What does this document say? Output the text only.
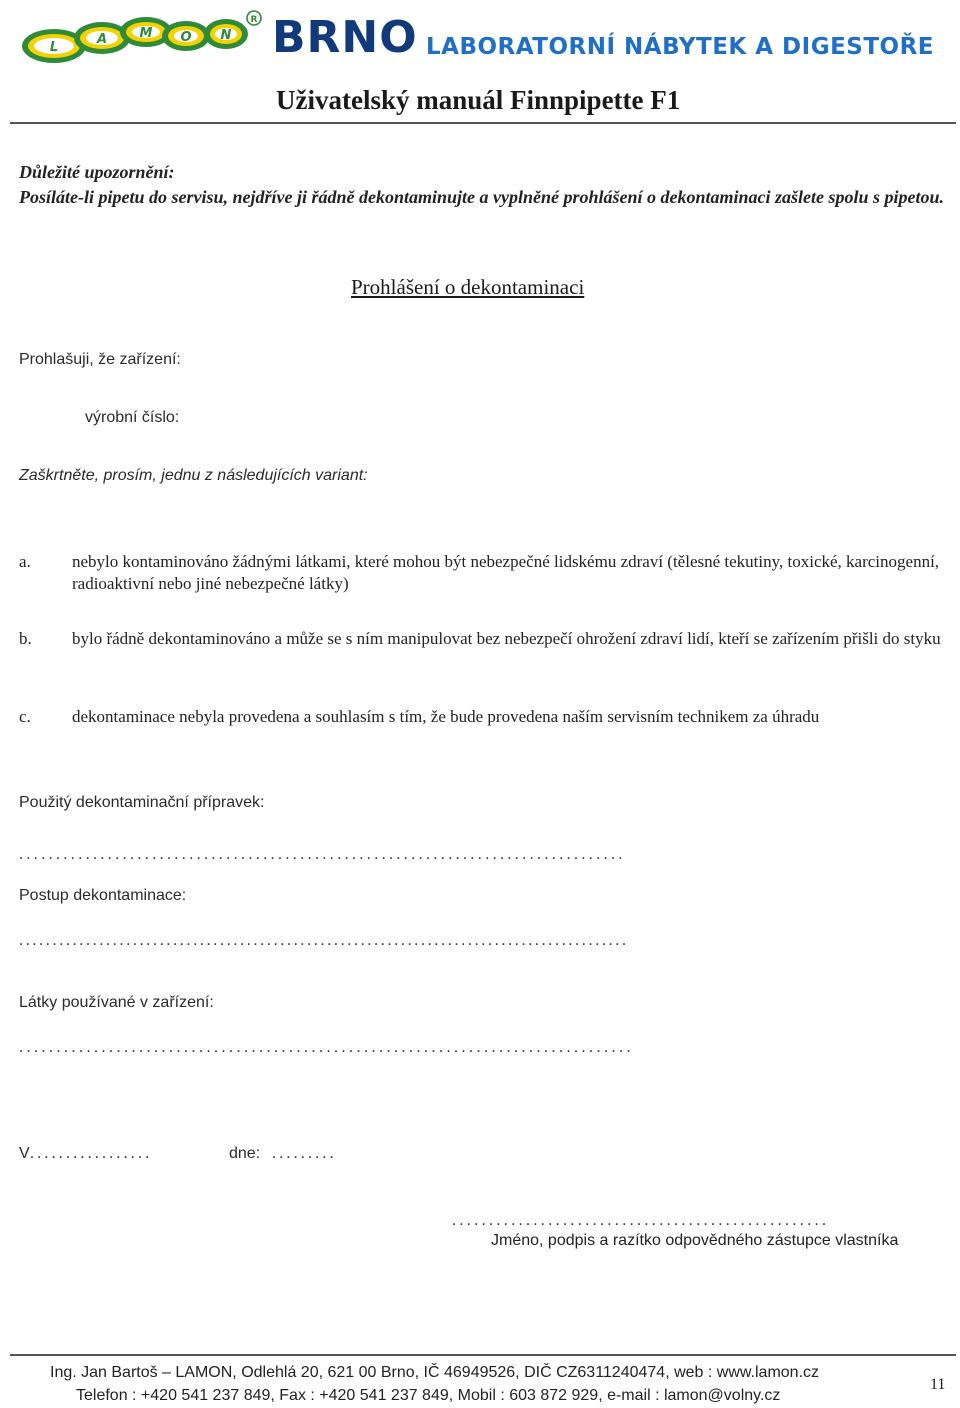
L
A	M O N
R BRNO LABORATORNÍ NÁBYTEK A DIGESTOŘE
Uživatelský manuál Finnpipette F1
Důležité upozornění:
Posíláte-li pipetu do servisu, nejdříve ji řádně dekontaminujte a vyplněné prohlášení o dekontaminaci zašlete spolu s pipetou.
Prohlášení o dekontaminaci
Prohlašuji, že zařízení:
výrobní číslo:
Zaškrtněte, prosím, jednu z následujících variant:
a. nebylo kontaminováno žádnými látkami, které mohou být nebezpečné lidskému zdraví (tělesné tekutiny, toxické, karcinogenní, radioaktivní nebo jiné nebezpečné látky)
b. bylo řádně dekontaminováno a může se s ním manipulovat bez nebezpečí ohrožení zdraví lidí, kteří se zařízením přišli do styku
c. dekontaminace nebyla provedena a souhlasím s tím, že bude provedena naším servisním technikem za úhradu
Použitý dekontaminační přípravek:
..................................................................................
Postup dekontaminace:
...........................................................................................
Látky používané v zařízení:
..................................................................................
V .................	dne: .........
...................................................
Jméno, podpis a razítko odpovědného zástupce vlastníka
Ing. Jan Bartoš – LAMON, Odlehlá 20, 621 00 Brno, IČ 46949526, DIČ CZ6311240474, web : www.lamon.cz
Telefon : +420 541 237 849, Fax : +420 541 237 849, Mobil : 603 872 929, e-mail : lamon@volny.cz
11
